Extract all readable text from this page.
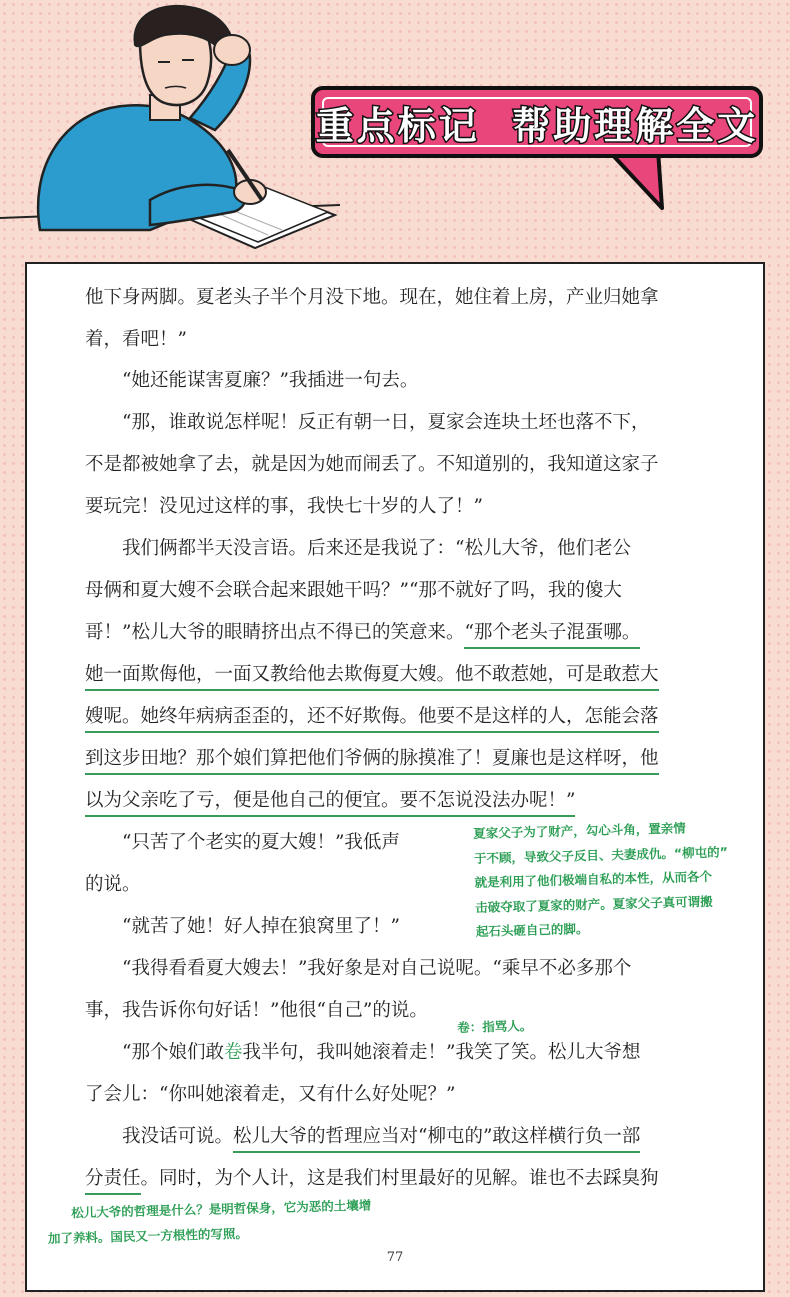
重点标记  帮助理解全文
他下身两脚。夏老头子半个月没下地。现在，她住着上房，产业归她拿
着，看吧！”
“她还能谋害夏廉？”我插进一句去。
“那，谁敢说怎样呢！反正有朝一日，夏家会连块土坯也落不下，
不是都被她拿了去，就是因为她而闹丢了。不知道别的，我知道这家子
要玩完！没见过这样的事，我快七十岁的人了！”
我们俩都半天没言语。后来还是我说了：“松儿大爷，他们老公
母俩和夏大嫂不会联合起来跟她干吗？”“那不就好了吗，我的傻大
哥！”松儿大爷的眼睛挤出点不得已的笑意来。“那个老头子混蛋哪。
她一面欺侮他，一面又教给他去欺侮夏大嫂。他不敢惹她，可是敢惹大
嫂呢。她终年病病歪歪的，还不好欺侮。他要不是这样的人，怎能会落
到这步田地？那个娘们算把他们爷俩的脉摸准了！夏廉也是这样呀，他
以为父亲吃了亏，便是他自己的便宜。要不怎说没法办呢！”
“只苦了个老实的夏大嫂！”我低声
的说。
“就苦了她！好人掉在狼窝里了！”
“我得看看夏大嫂去！”我好象是对自己说呢。“乘早不必多那个
事，我告诉你句好话！”他很“自己”的说。
“那个娘们敢卷我半句，我叫她滚着走！”我笑了笑。松儿大爷想
了会儿：“你叫她滚着走，又有什么好处呢？”
我没话可说。松儿大爷的哲理应当对“柳屯的”敢这样横行负一部
分责任。同时，为个人计，这是我们村里最好的见解。谁也不去踩臭狗
夏家父子为了财产，勾心斗角，置亲情
于不顾，导致父子反目、夫妻成仇。“柳屯的”
就是利用了他们极端自私的本性，从而各个
击破夺取了夏家的财产。夏家父子真可谓搬
起石头砸自己的脚。
卷：指骂人。
松儿大爷的哲理是什么？是明哲保身，它为恶的土壤增
加了养料。国民又一方根性的写照。
77
